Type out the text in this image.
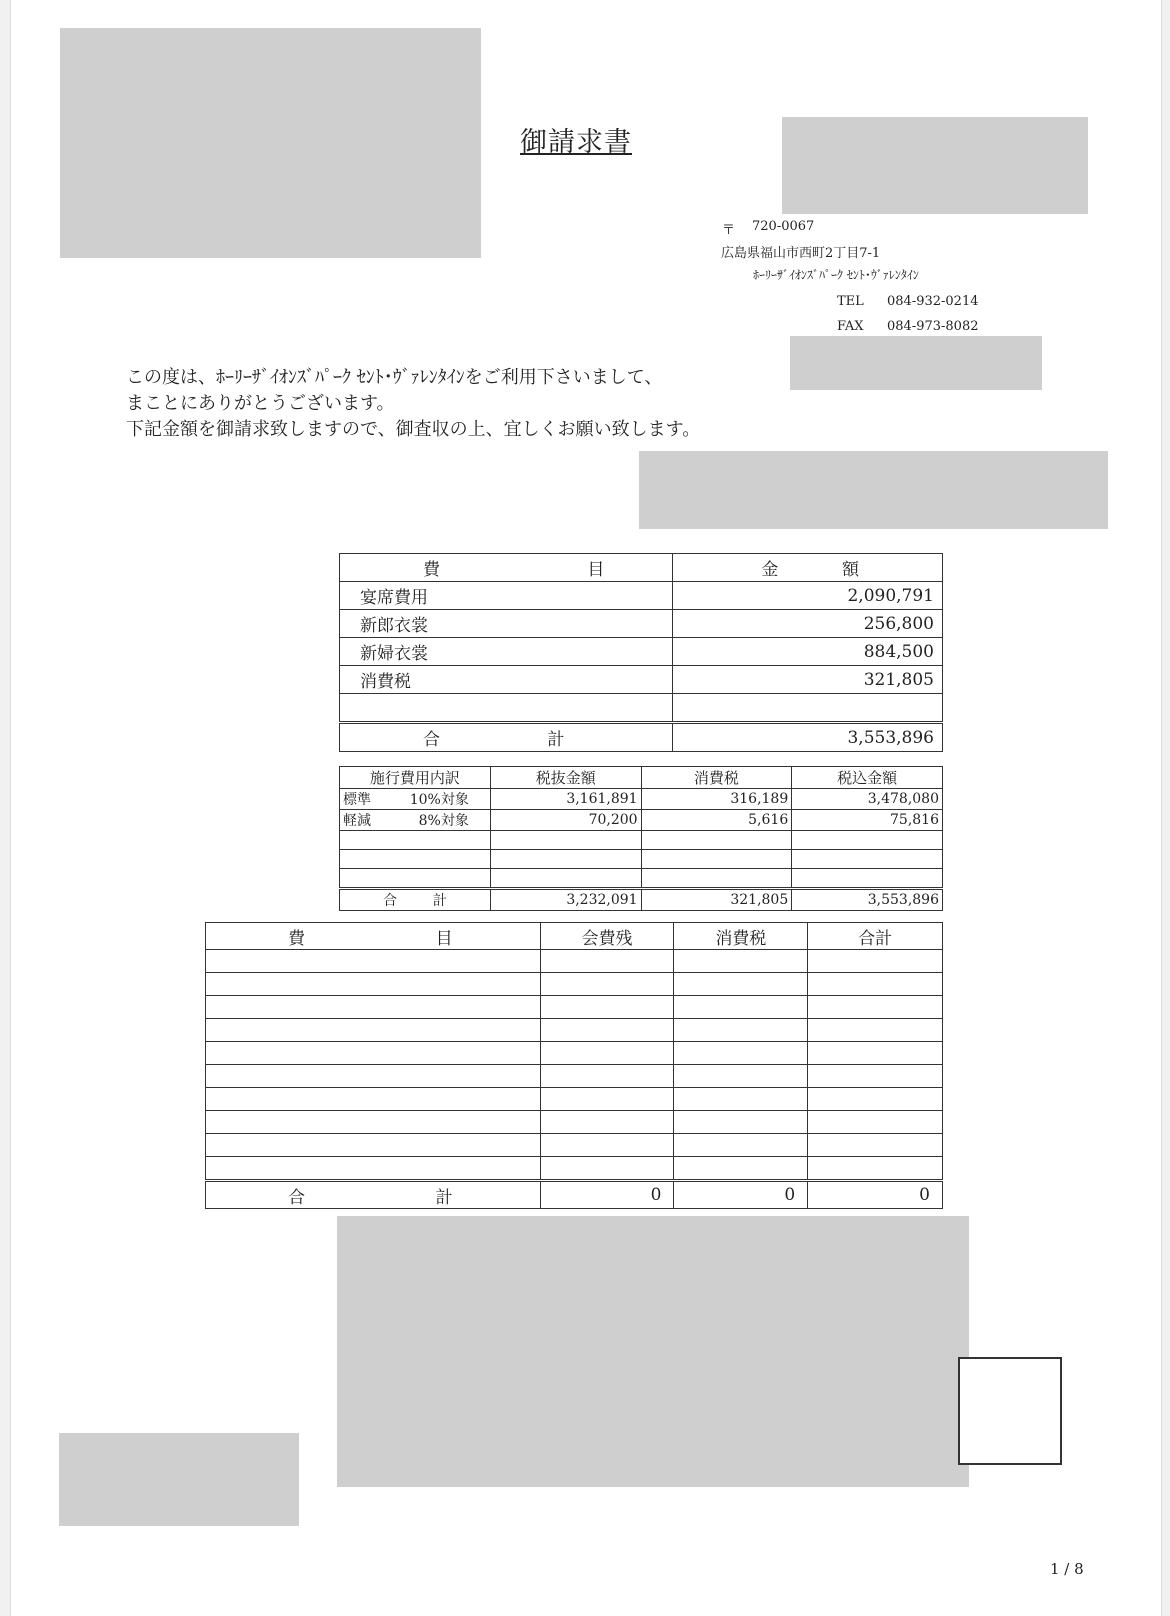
御請求書
〒 720-0067
広島県福山市西町2丁目7-1
ﾎｰﾘｰｻﾞｲｵﾝｽﾞﾊﾟｰｸ ｾﾝﾄ･ｳﾞｧﾚﾝﾀｲﾝ
TEL 084-932-0214
FAX 084-973-8082
この度は、ﾎｰﾘｰｻﾞｲｵﾝｽﾞﾊﾟｰｸ ｾﾝﾄ･ｳﾞｧﾚﾝﾀｲﾝをご利用下さいまして、
まことにありがとうございます。
下記金額を御請求致しますので、御査収の上、宜しくお願い致します。
費 目	金 額

宴席費用	2,090,791
新郎衣裳	256,800
新婦衣裳	884,500
消費税	321,805

合 計	3,553,896
施行費用内訳	税抜金額	消費税	税込金額

標準 10%対象	3,161,891	316,189	3,478,080

軽減 8%対象	70,200	5,616	75,816

合 計	3,232,091	321,805	3,553,896
費 目	会費残	消費税	合計

合 計	0	0	0
1 / 8
